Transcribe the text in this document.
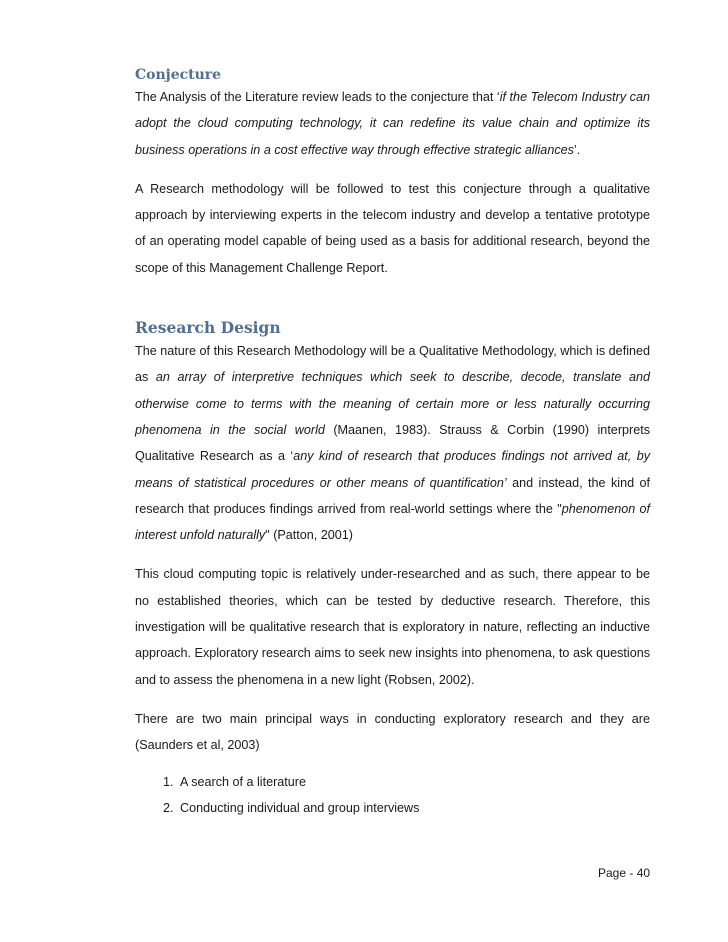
Conjecture

The Analysis of the Literature review leads to the conjecture that ‘if the Telecom Industry can adopt the cloud computing technology, it can redefine its value chain and optimize its business operations in a cost effective way through effective strategic alliances’.

A Research methodology will be followed to test this conjecture through a qualitative approach by interviewing experts in the telecom industry and develop a tentative prototype of an operating model capable of being used as a basis for additional research, beyond the scope of this Management Challenge Report.

Research Design

The nature of this Research Methodology will be a Qualitative Methodology, which is defined as an array of interpretive techniques which seek to describe, decode, translate and otherwise come to terms with the meaning of certain more or less naturally occurring phenomena in the social world (Maanen, 1983). Strauss & Corbin (1990) interprets Qualitative Research as a ‘any kind of research that produces findings not arrived at, by means of statistical procedures or other means of quantification’ and instead, the kind of research that produces findings arrived from real-world settings where the "phenomenon of interest unfold naturally" (Patton, 2001)

This cloud computing topic is relatively under-researched and as such, there appear to be no established theories, which can be tested by deductive research. Therefore, this investigation will be qualitative research that is exploratory in nature, reflecting an inductive approach. Exploratory research aims to seek new insights into phenomena, to ask questions and to assess the phenomena in a new light (Robsen, 2002).

There are two main principal ways in conducting exploratory research and they are (Saunders et al, 2003)

1. A search of a literature
2. Conducting individual and group interviews
Page - 40
